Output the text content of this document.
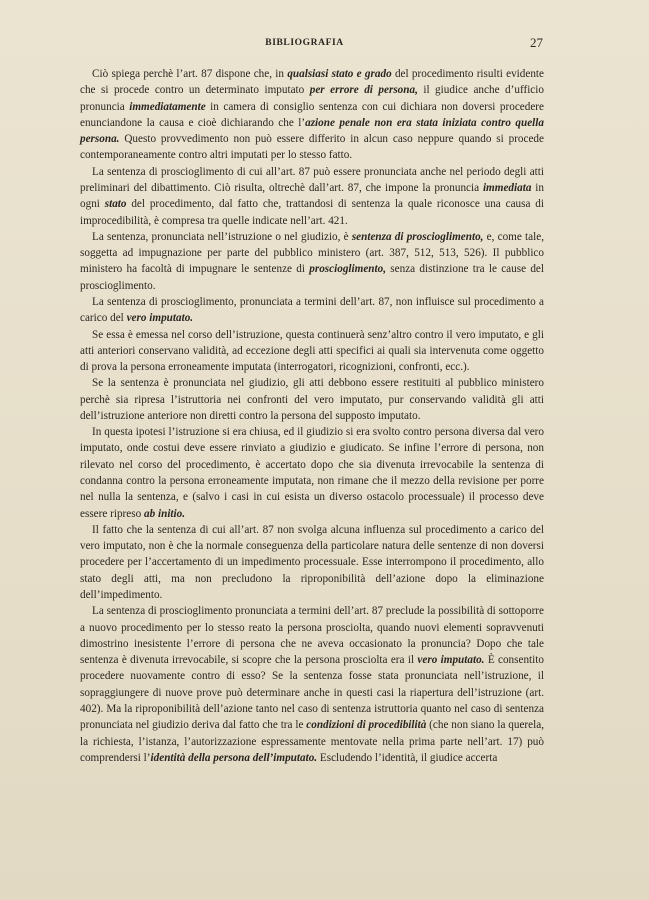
BIBLIOGRAFIA	27

Ciò spiega perchè l’art. 87 dispone che, in qualsiasi stato e grado del procedimento risulti evidente che si procede contro un determinato imputato per errore di persona, il giudice anche d’ufficio pronuncia immediatamente in camera di consiglio sentenza con cui dichiara non doversi procedere enunciandone la causa e cioè dichiarando che l’azione penale non era stata iniziata contro quella persona. Questo provvedimento non può essere differito in alcun caso neppure quando si procede contemporaneamente contro altri imputati per lo stesso fatto.

La sentenza di proscioglimento di cui all’art. 87 può essere pronunciata anche nel periodo degli atti preliminari del dibattimento. Ciò risulta, oltrechè dall’art. 87, che impone la pronuncia immediata in ogni stato del procedimento, dal fatto che, trattandosi di sentenza la quale riconosce una causa di improcedibilità, è compresa tra quelle indicate nell’art. 421.

La sentenza, pronunciata nell’istruzione o nel giudizio, è sentenza di proscioglimento, e, come tale, soggetta ad impugnazione per parte del pubblico ministero (art. 387, 512, 513, 526). Il pubblico ministero ha facoltà di impugnare le sentenze di proscioglimento, senza distinzione tra le cause del proscioglimento.

La sentenza di proscioglimento, pronunciata a termini dell’art. 87, non influisce sul procedimento a carico del vero imputato.

Se essa è emessa nel corso dell’istruzione, questa continuerà senz’altro contro il vero imputato, e gli atti anteriori conservano validità, ad eccezione degli atti specifici ai quali sia intervenuta come oggetto di prova la persona erroneamente imputata (interrogatori, ricognizioni, confronti, ecc.).

Se la sentenza è pronunciata nel giudizio, gli atti debbono essere restituiti al pubblico ministero perchè sia ripresa l’istruttoria nei confronti del vero imputato, pur conservando validità gli atti dell’istruzione anteriore non diretti contro la persona del supposto imputato.

In questa ipotesi l’istruzione si era chiusa, ed il giudizio si era svolto contro persona diversa dal vero imputato, onde costui deve essere rinviato a giudizio e giudicato. Se infine l’errore di persona, non rilevato nel corso del procedimento, è accertato dopo che sia divenuta irrevocabile la sentenza di condanna contro la persona erroneamente imputata, non rimane che il mezzo della revisione per porre nel nulla la sentenza, e (salvo i casi in cui esista un diverso ostacolo processuale) il processo deve essere ripreso ab initio.

Il fatto che la sentenza di cui all’art. 87 non svolga alcuna influenza sul procedimento a carico del vero imputato, non è che la normale conseguenza della particolare natura delle sentenze di non doversi procedere per l’accertamento di un impedimento processuale. Esse interrompono il procedimento, allo stato degli atti, ma non precludono la riproponibilità dell’azione dopo la eliminazione dell’impedimento.

La sentenza di proscioglimento pronunciata a termini dell’art. 87 preclude la possibilità di sottoporre a nuovo procedimento per lo stesso reato la persona prosciolta, quando nuovi elementi sopravvenuti dimostrino inesistente l’errore di persona che ne aveva occasionato la pronuncia? Dopo che tale sentenza è divenuta irrevocabile, si scopre che la persona prosciolta era il vero imputato. È consentito procedere nuovamente contro di esso? Se la sentenza fosse stata pronunciata nell’istruzione, il sopraggiungere di nuove prove può determinare anche in questi casi la riapertura dell’istruzione (art. 402). Ma la riproponibilità dell’azione tanto nel caso di sentenza istruttoria quanto nel caso di sentenza pronunciata nel giudizio deriva dal fatto che tra le condizioni di procedibilità (che non siano la querela, la richiesta, l’istanza, l’autorizzazione espressamente mentovate nella prima parte nell’art. 17) può comprendersi l’identità della persona dell’imputato. Escludendo l’identità, il giudice accerta
